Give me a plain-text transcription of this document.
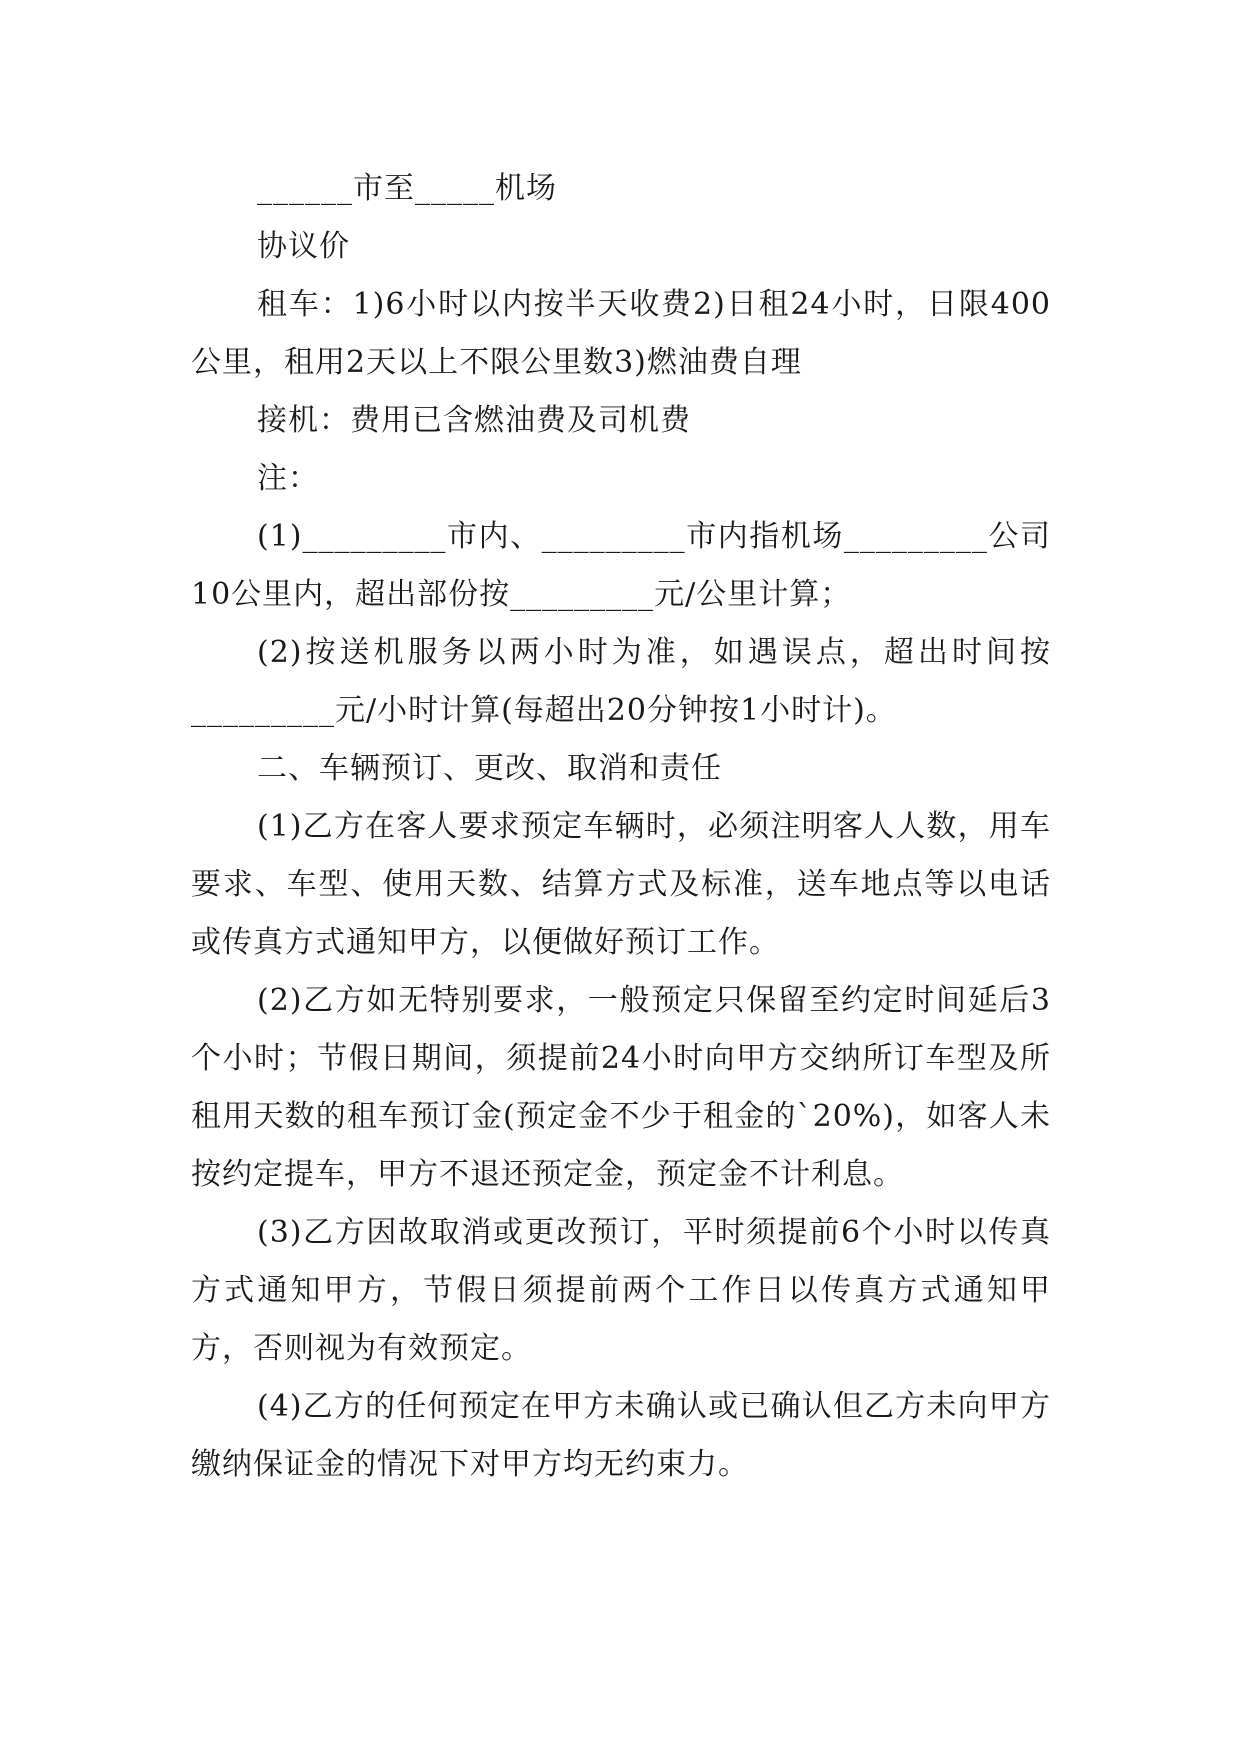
______市至_____机场

协议价

租车：1)6小时以内按半天收费2)日租24小时，日限400公里，租用2天以上不限公里数3)燃油费自理

接机：费用已含燃油费及司机费

注：

(1)_________市内、_________市内指机场_________公司10公里内，超出部份按_________元/公里计算；

(2)按送机服务以两小时为准，如遇误点，超出时间按_________元/小时计算(每超出20分钟按1小时计)。

二、车辆预订、更改、取消和责任

(1)乙方在客人要求预定车辆时，必须注明客人人数，用车要求、车型、使用天数、结算方式及标准，送车地点等以电话或传真方式通知甲方，以便做好预订工作。

(2)乙方如无特别要求，一般预定只保留至约定时间延后3个小时；节假日期间，须提前24小时向甲方交纳所订车型及所租用天数的租车预订金(预定金不少于租金的`20%)，如客人未按约定提车，甲方不退还预定金，预定金不计利息。

(3)乙方因故取消或更改预订，平时须提前6个小时以传真方式通知甲方，节假日须提前两个工作日以传真方式通知甲方，否则视为有效预定。

(4)乙方的任何预定在甲方未确认或已确认但乙方未向甲方缴纳保证金的情况下对甲方均无约束力。
